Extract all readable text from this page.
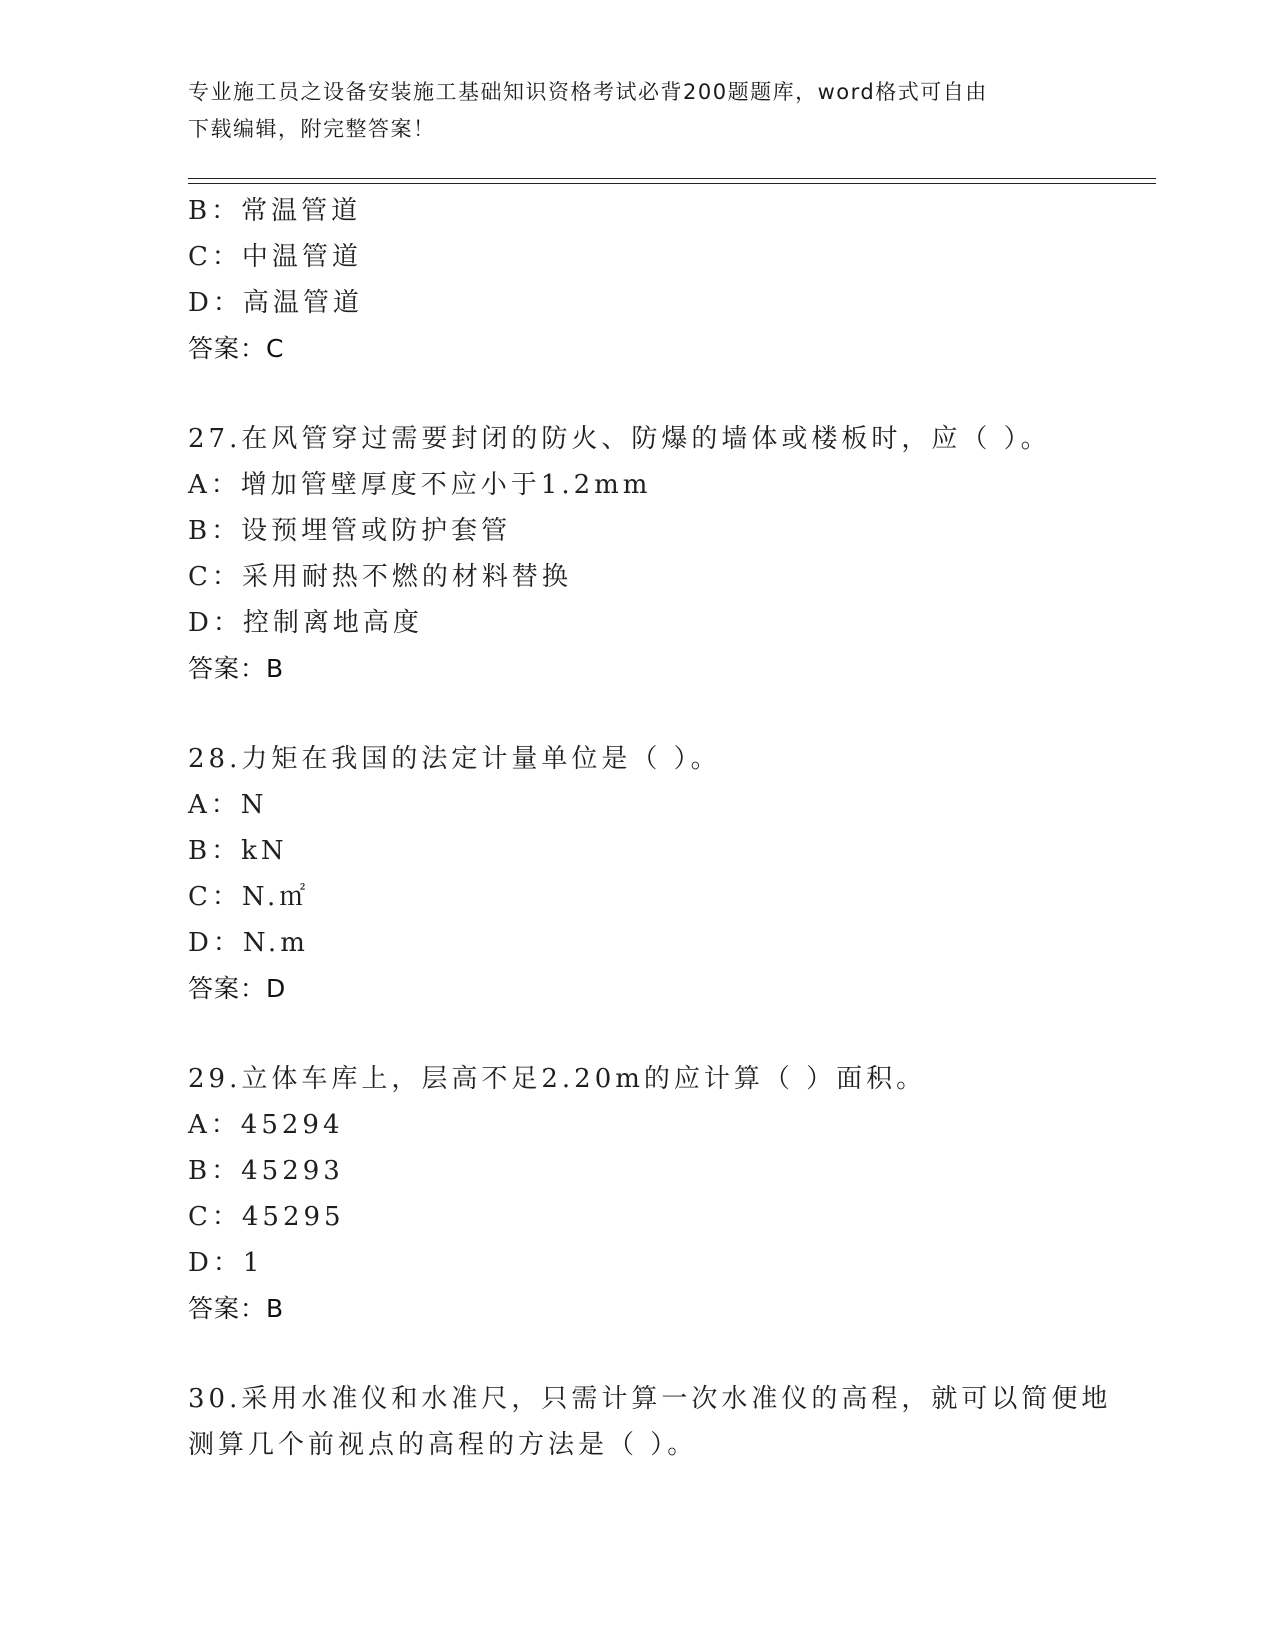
专业施工员之设备安装施工基础知识资格考试必背200题题库，word格式可自由
下载编辑，附完整答案！
B：常温管道
C：中温管道
D：高温管道
答案：C
27.在风管穿过需要封闭的防火、防爆的墙体或楼板时，应（ ）。
A：增加管壁厚度不应小于1.2mm
B：设预埋管或防护套管
C：采用耐热不燃的材料替换
D：控制离地高度
答案：B
28.力矩在我国的法定计量单位是（ ）。
A：N
B：kN
C：N.㎡
D：N.m
答案：D
29.立体车库上，层高不足2.20m的应计算（ ）面积。
A：45294
B：45293
C：45295
D：1
答案：B
30.采用水准仪和水准尺，只需计算一次水准仪的高程，就可以简便地
测算几个前视点的高程的方法是（ ）。
